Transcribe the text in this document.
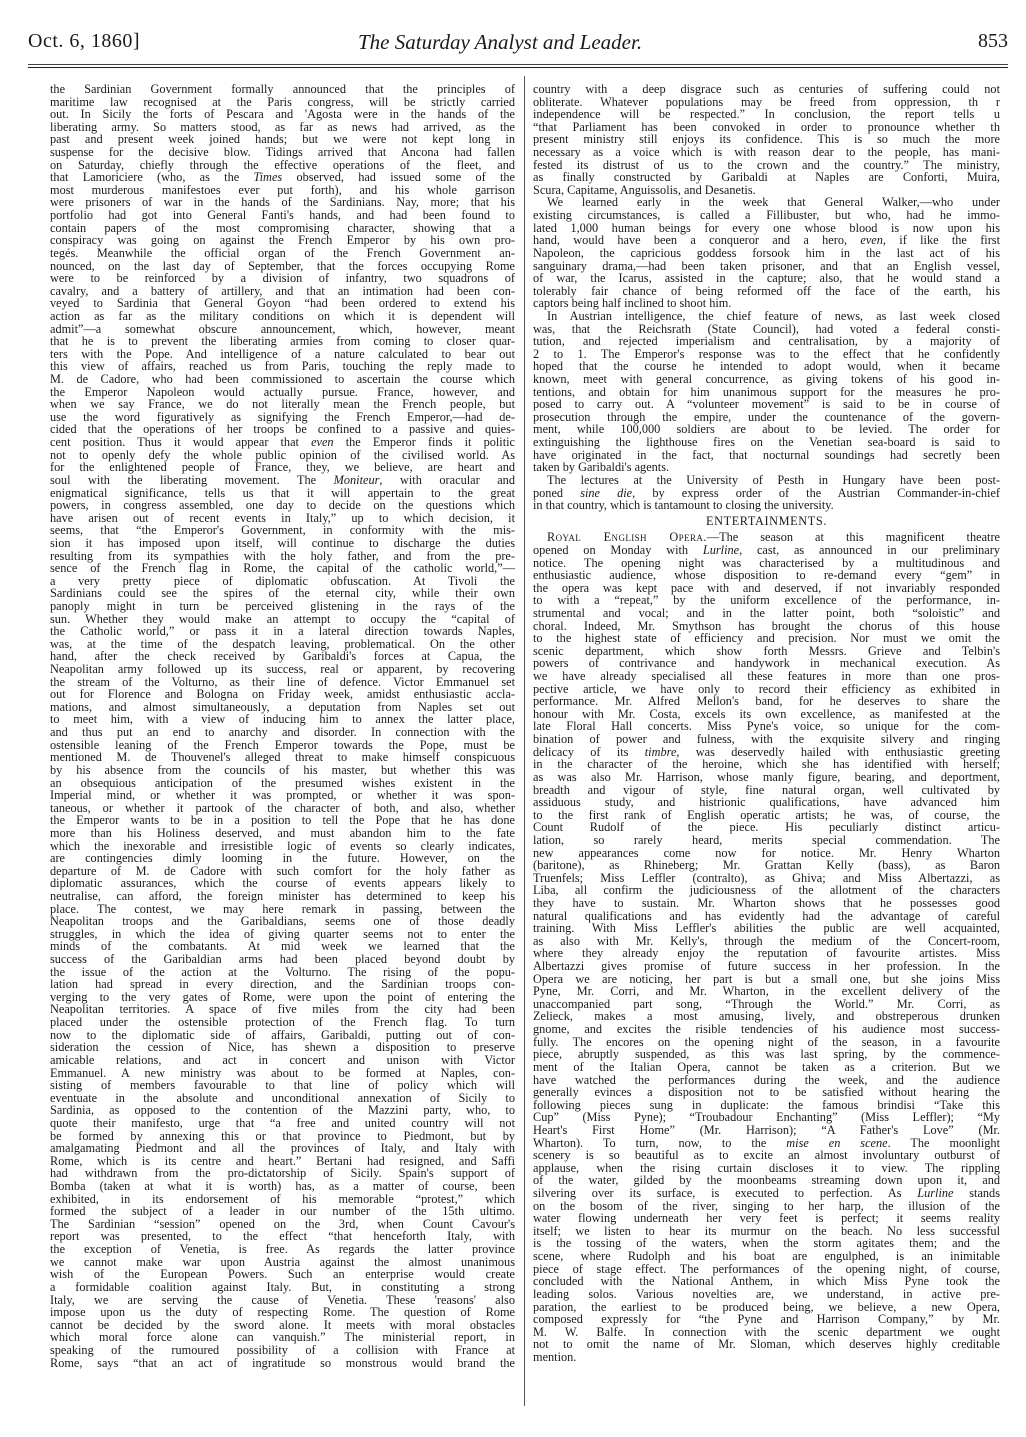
Oct. 6, 1860]	The Saturday Analyst and Leader.	853
the Sardinian Government formally announced that the principles of
maritime law recognised at the Paris congress, will be strictly carried
out. In Sicily the forts of Pescara and 'Agosta were in the hands of the
liberating army. So matters stood, as far as news had arrived, as the
past and present week joined hands; but we were not kept long in
suspense for the decisive blow. Tidings arrived that Ancona had fallen
on Saturday, chiefly through the effective operations of the fleet, and
that Lamoriciere (who, as the Times observed, had issued some of the
most murderous manifestoes ever put forth), and his whole garrison
were prisoners of war in the hands of the Sardinians. Nay, more; that his
portfolio had got into General Fanti's hands, and had been found to
contain papers of the most compromising character, showing that a
conspiracy was going on against the French Emperor by his own pro-
tegés. Meanwhile the official organ of the French Government an-
nounced, on the last day of September, that the forces occupying Rome
were to be reinforced by a division of infantry, two squadrons of
cavalry, and a battery of artillery, and that an intimation had been con-
veyed to Sardinia that General Goyon “had been ordered to extend his
action as far as the military conditions on which it is dependent will
admit”—a somewhat obscure announcement, which, however, meant
that he is to prevent the liberating armies from coming to closer quar-
ters with the Pope. And intelligence of a nature calculated to bear out
this view of affairs, reached us from Paris, touching the reply made to
M. de Cadore, who had been commissioned to ascertain the course which
the Emperor Napoleon would actually pursue. France, however, and
when we say France, we do not literally mean the French people, but
use the word figuratively as signifying the French Emperor,—had de-
cided that the operations of her troops be confined to a passive and quies-
cent position. Thus it would appear that even the Emperor finds it politic
not to openly defy the whole public opinion of the civilised world. As
for the enlightened people of France, they, we believe, are heart and
soul with the liberating movement. The Moniteur, with oracular and
enigmatical significance, tells us that it will appertain to the great
powers, in congress assembled, one day to decide on the questions which
have arisen out of recent events in Italy,” up to which decision, it
seems, that “the Emperor's Government, in conformity with the mis-
sion it has imposed upon itself, will continue to discharge the duties
resulting from its sympathies with the holy father, and from the pre-
sence of the French flag in Rome, the capital of the catholic world,”—
a very pretty piece of diplomatic obfuscation. At Tivoli the
Sardinians could see the spires of the eternal city, while their own
panoply might in turn be perceived glistening in the rays of the
sun. Whether they would make an attempt to occupy the “capital of
the Catholic world,” or pass it in a lateral direction towards Naples,
was, at the time of the despatch leaving, problematical. On the other
hand, after the check received by Garibaldi's forces at Capua, the
Neapolitan army followed up its success, real or apparent, by recovering
the stream of the Volturno, as their line of defence. Victor Emmanuel set
out for Florence and Bologna on Friday week, amidst enthusiastic accla-
mations, and almost simultaneously, a deputation from Naples set out
to meet him, with a view of inducing him to annex the latter place,
and thus put an end to anarchy and disorder. In connection with the
ostensible leaning of the French Emperor towards the Pope, must be
mentioned M. de Thouvenel's alleged threat to make himself conspicuous
by his absence from the councils of his master, but whether this was
an obsequious anticipation of the presumed wishes existent in the
Imperial mind, or whether it was prompted, or whether it was spon-
taneous, or whether it partook of the character of both, and also, whether
the Emperor wants to be in a position to tell the Pope that he has done
more than his Holiness deserved, and must abandon him to the fate
which the inexorable and irresistible logic of events so clearly indicates,
are contingencies dimly looming in the future. However, on the
departure of M. de Cadore with such comfort for the holy father as
diplomatic assurances, which the course of events appears likely to
neutralise, can afford, the foreign minister has determined to keep his
place. The contest, we may here remark in passing, between the
Neapolitan troops and the Garibaldians, seems one of those deadly
struggles, in which the idea of giving quarter seems not to enter the
minds of the combatants. At mid week we learned that the
success of the Garibaldian arms had been placed beyond doubt by
the issue of the action at the Volturno. The rising of the popu-
lation had spread in every direction, and the Sardinian troops con-
verging to the very gates of Rome, were upon the point of entering the
Neapolitan territories. A space of five miles from the city had been
placed under the ostensible protection of the French flag. To turn
now to the diplomatic side of affairs, Garibaldi, putting out of con-
sideration the cession of Nice, has shewn a disposition to preserve
amicable relations, and act in concert and unison with Victor
Emmanuel. A new ministry was about to be formed at Naples, con-
sisting of members favourable to that line of policy which will
eventuate in the absolute and unconditional annexation of Sicily to
Sardinia, as opposed to the contention of the Mazzini party, who, to
quote their manifesto, urge that “a free and united country will not
be formed by annexing this or that province to Piedmont, but by
amalgamating Piedmont and all the provinces of Italy, and Italy with
Rome, which is its centre and heart.” Bertani had resigned, and Saffi
had withdrawn from the pro-dictatorship of Sicily. Spain's support of
Bomba (taken at what it is worth) has, as a matter of course, been
exhibited, in its endorsement of his memorable “protest,” which
formed the subject of a leader in our number of the 15th ultimo.
The Sardinian “session” opened on the 3rd, when Count Cavour's
report was presented, to the effect “that henceforth Italy, with
the exception of Venetia, is free. As regards the latter province
we cannot make war upon Austria against the almost unanimous
wish of the European Powers. Such an enterprise would create
a formidable coalition against Italy. But, in constituting a strong
Italy, we are serving the cause of Venetia. These 'reasons' also
impose upon us the duty of respecting Rome. The question of Rome
cannot be decided by the sword alone. It meets with moral obstacles
which moral force alone can vanquish.” The ministerial report, in
speaking of the rumoured possibility of a collision with France at
Rome, says “that an act of ingratitude so monstrous would brand the
country with a deep disgrace such as centuries of suffering could not
obliterate. Whatever populations may be freed from oppression, th r
independence will be respected.” In conclusion, the report tells u
“that Parliament has been convoked in order to pronounce whether th
present ministry still enjoys its confidence. This is so much the more
necessary as a voice which is with reason dear to the people, has mani-
fested its distrust of us to the crown and the country.” The ministry,
as finally constructed by Garibaldi at Naples are Conforti, Muira,
Scura, Capitame, Anguissolis, and Desanetis.
We learned early in the week that General Walker,—who under
existing circumstances, is called a Fillibuster, but who, had he immo-
lated 1,000 human beings for every one whose blood is now upon his
hand, would have been a conqueror and a hero, even, if like the first
Napoleon, the capricious goddess forsook him in the last act of his
sanguinary drama,—had been taken prisoner, and that an English vessel,
of war, the Icarus, assisted in the capture; also, that he would stand a
tolerably fair chance of being reformed off the face of the earth, his
captors being half inclined to shoot him.
In Austrian intelligence, the chief feature of news, as last week closed
was, that the Reichsrath (State Council), had voted a federal consti-
tution, and rejected imperialism and centralisation, by a majority of
2 to 1. The Emperor's response was to the effect that he confidently
hoped that the course he intended to adopt would, when it became
known, meet with general concurrence, as giving tokens of his good in-
tentions, and obtain for him unanimous support for the measures he pro-
posed to carry out. A “volunteer movement” is said to be in course of
prosecution through the empire, under the countenance of the govern-
ment, while 100,000 soldiers are about to be levied. The order for
extinguishing the lighthouse fires on the Venetian sea-board is said to
have originated in the fact, that nocturnal soundings had secretly been
taken by Garibaldi's agents.
The lectures at the University of Pesth in Hungary have been post-
poned sine die, by express order of the Austrian Commander-in-chief
in that country, which is tantamount to closing the university.
ENTERTAINMENTS.
Royal English Opera.—The season at this magnificent theatre
opened on Monday with Lurline, cast, as announced in our preliminary
notice. The opening night was characterised by a multitudinous and
enthusiastic audience, whose disposition to re-demand every “gem” in
the opera was kept pace with and deserved, if not invariably responded
to with a “repeat,” by the uniform excellence of the performance, in-
strumental and vocal; and in the latter point, both “soloistic” and
choral. Indeed, Mr. Smythson has brought the chorus of this house
to the highest state of efficiency and precision. Nor must we omit the
scenic department, which show forth Messrs. Grieve and Telbin's
powers of contrivance and handywork in mechanical execution. As
we have already specialised all these features in more than one pros-
pective article, we have only to record their efficiency as exhibited in
performance. Mr. Alfred Mellon's band, for he deserves to share the
honour with Mr. Costa, excels its own excellence, as manifested at the
late Floral Hall concerts. Miss Pyne's voice, so unique for the com-
bination of power and fulness, with the exquisite silvery and ringing
delicacy of its timbre, was deservedly hailed with enthusiastic greeting
in the character of the heroine, which she has identified with herself;
as was also Mr. Harrison, whose manly figure, bearing, and deportment,
breadth and vigour of style, fine natural organ, well cultivated by
assiduous study, and histrionic qualifications, have advanced him
to the first rank of English operatic artists; he was, of course, the
Count Rudolf of the piece. His peculiarly distinct articu-
lation, so rarely heard, merits special commendation. The
new appearances come now for notice. Mr. Henry Wharton
(baritone), as Rhineberg; Mr. Grattan Kelly (bass), as Baron
Truenfels; Miss Leffler (contralto), as Ghiva; and Miss Albertazzi, as
Liba, all confirm the judiciousness of the allotment of the characters
they have to sustain. Mr. Wharton shows that he possesses good
natural qualifications and has evidently had the advantage of careful
training. With Miss Leffler's abilities the public are well acquainted,
as also with Mr. Kelly's, through the medium of the Concert-room,
where they already enjoy the reputation of favourite artistes. Miss
Albertazzi gives promise of future success in her profession. In the
Opera we are noticing, her part is but a small one, but she joins Miss
Pyne, Mr. Corri, and Mr. Wharton, in the excellent delivery of the
unaccompanied part song, “Through the World.” Mr. Corri, as
Zelieck, makes a most amusing, lively, and obstreperous drunken
gnome, and excites the risible tendencies of his audience most success-
fully. The encores on the opening night of the season, in a favourite
piece, abruptly suspended, as this was last spring, by the commence-
ment of the Italian Opera, cannot be taken as a criterion. But we
have watched the performances during the week, and the audience
generally evinces a disposition not to be satisfied without hearing the
following pieces sung in duplicate: the famous brindisi “Take this
Cup” (Miss Pyne); “Troubadour Enchanting” (Miss Leffler); “My
Heart's First Home” (Mr. Harrison); “A Father's Love” (Mr.
Wharton). To turn, now, to the mise en scene. The moonlight
scenery is so beautiful as to excite an almost involuntary outburst of
applause, when the rising curtain discloses it to view. The rippling
of the water, gilded by the moonbeams streaming down upon it, and
silvering over its surface, is executed to perfection. As Lurline stands
on the bosom of the river, singing to her harp, the illusion of the
water flowing underneath her very feet is perfect; it seems reality
itself; we listen to hear its murmur on the beach. No less successful
is the tossing of the waters, when the storm agitates them; and the
scene, where Rudolph and his boat are engulphed, is an inimitable
piece of stage effect. The performances of the opening night, of course,
concluded with the National Anthem, in which Miss Pyne took the
leading solos. Various novelties are, we understand, in active pre-
paration, the earliest to be produced being, we believe, a new Opera,
composed expressly for “the Pyne and Harrison Company,” by Mr.
M. W. Balfe. In connection with the scenic department we ought
not to omit the name of Mr. Sloman, which deserves highly creditable
mention.
